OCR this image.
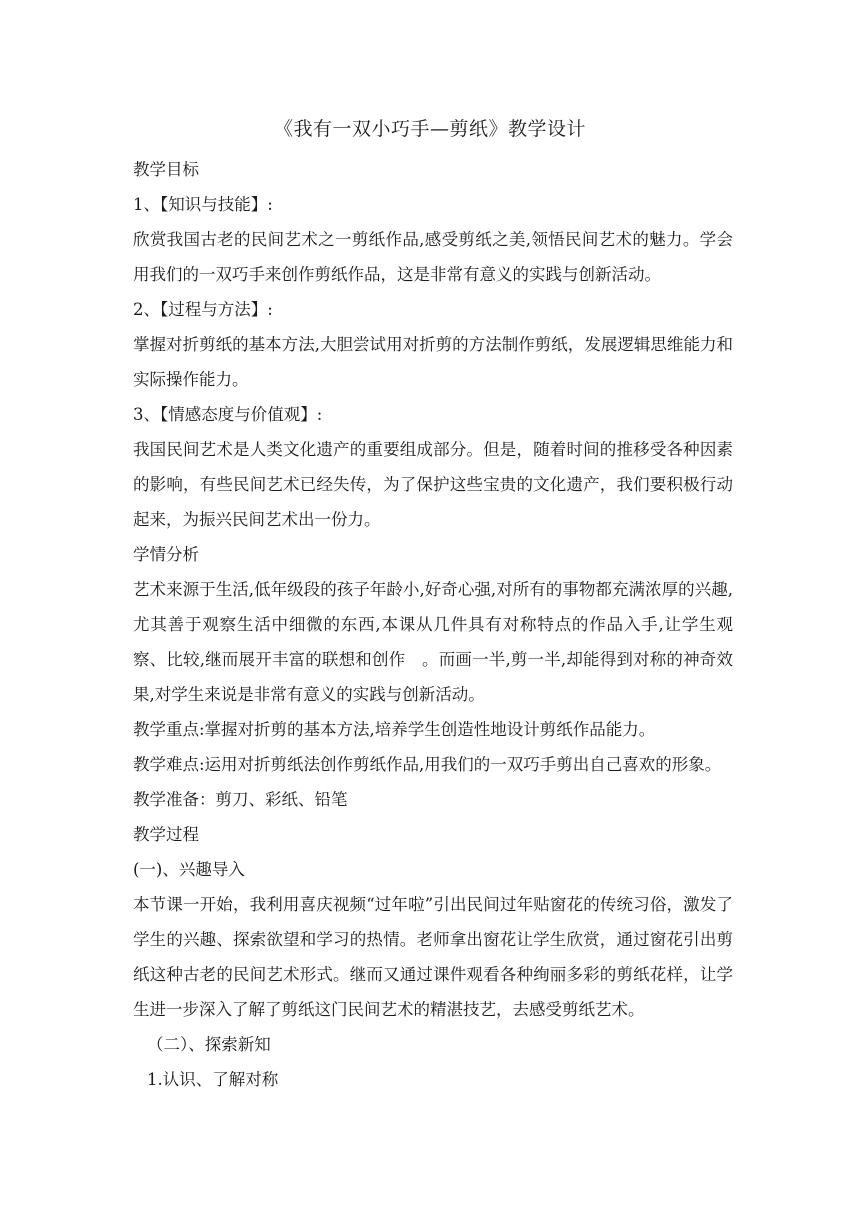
《我有一双小巧手—剪纸》教学设计
教学目标
1、【知识与技能】:
欣赏我国古老的民间艺术之一剪纸作品,感受剪纸之美,领悟民间艺术的魅力。学会用我们的一双巧手来创作剪纸作品，这是非常有意义的实践与创新活动。
2、【过程与方法】:
掌握对折剪纸的基本方法,大胆尝试用对折剪的方法制作剪纸，发展逻辑思维能力和实际操作能力。
3、【情感态度与价值观】:
我国民间艺术是人类文化遗产的重要组成部分。但是，随着时间的推移受各种因素的影响，有些民间艺术已经失传，为了保护这些宝贵的文化遗产，我们要积极行动起来，为振兴民间艺术出一份力。
学情分析
艺术来源于生活,低年级段的孩子年龄小,好奇心强,对所有的事物都充满浓厚的兴趣,尤其善于观察生活中细微的东西,本课从几件具有对称特点的作品入手,让学生观察、比较,继而展开丰富的联想和创作　。而画一半,剪一半,却能得到对称的神奇效果,对学生来说是非常有意义的实践与创新活动。
教学重点:掌握对折剪的基本方法,培养学生创造性地设计剪纸作品能力。
教学难点:运用对折剪纸法创作剪纸作品,用我们的一双巧手剪出自己喜欢的形象。
教学准备：剪刀、彩纸、铅笔
教学过程
(一)、兴趣导入
本节课一开始，我利用喜庆视频“过年啦”引出民间过年贴窗花的传统习俗，激发了学生的兴趣、探索欲望和学习的热情。老师拿出窗花让学生欣赏，通过窗花引出剪纸这种古老的民间艺术形式。继而又通过课件观看各种绚丽多彩的剪纸花样，让学生进一步深入了解了剪纸这门民间艺术的精湛技艺，去感受剪纸艺术。
（二）、探索新知
1.认识、了解对称
